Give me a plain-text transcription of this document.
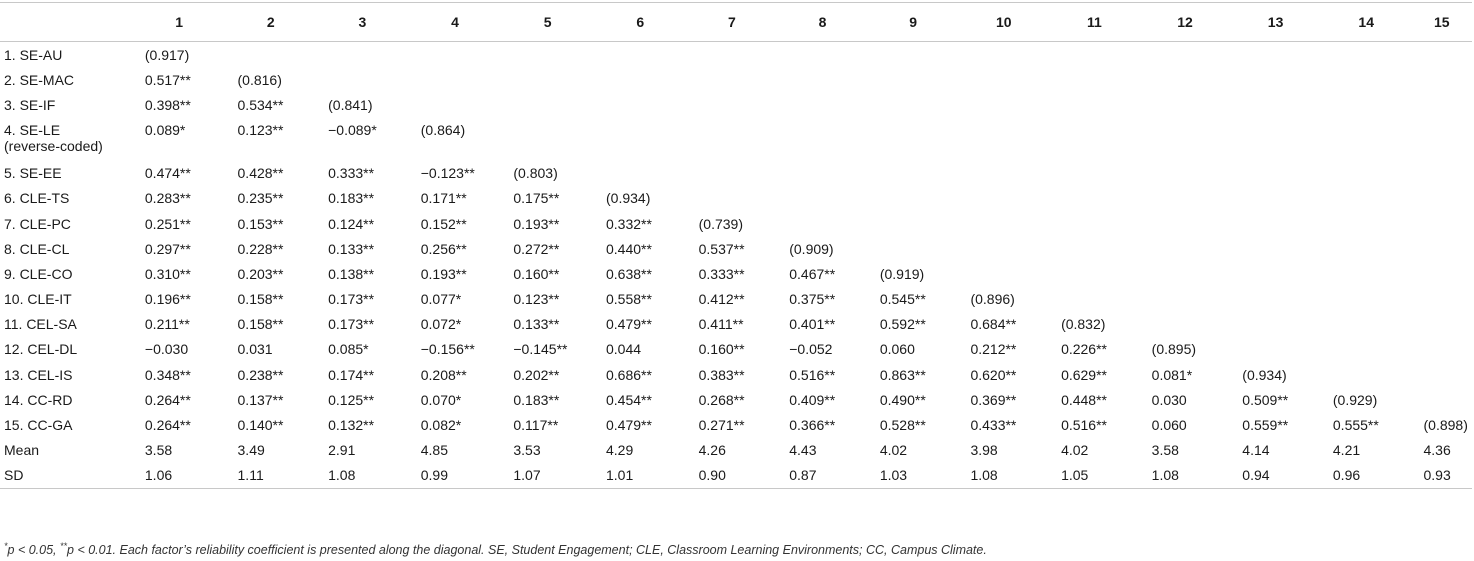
	1	2	3	4	5	6	7	8	9	10	11	12	13	14	15
1. SE-AU	(0.917)														
2. SE-MAC	0.517**	(0.816)													
3. SE-IF	0.398**	0.534**	(0.841)												
4. SE-LE
(reverse-coded)	0.089*	0.123**	−0.089*	(0.864)											
5. SE-EE	0.474**	0.428**	0.333**	−0.123**	(0.803)										
6. CLE-TS	0.283**	0.235**	0.183**	0.171**	0.175**	(0.934)									
7. CLE-PC	0.251**	0.153**	0.124**	0.152**	0.193**	0.332**	(0.739)								
8. CLE-CL	0.297**	0.228**	0.133**	0.256**	0.272**	0.440**	0.537**	(0.909)							
9. CLE-CO	0.310**	0.203**	0.138**	0.193**	0.160**	0.638**	0.333**	0.467**	(0.919)						
10. CLE-IT	0.196**	0.158**	0.173**	0.077*	0.123**	0.558**	0.412**	0.375**	0.545**	(0.896)					
11. CEL-SA	0.211**	0.158**	0.173**	0.072*	0.133**	0.479**	0.411**	0.401**	0.592**	0.684**	(0.832)				
12. CEL-DL	−0.030	0.031	0.085*	−0.156**	−0.145**	0.044	0.160**	−0.052	0.060	0.212**	0.226**	(0.895)			
13. CEL-IS	0.348**	0.238**	0.174**	0.208**	0.202**	0.686**	0.383**	0.516**	0.863**	0.620**	0.629**	0.081*	(0.934)		
14. CC-RD	0.264**	0.137**	0.125**	0.070*	0.183**	0.454**	0.268**	0.409**	0.490**	0.369**	0.448**	0.030	0.509**	(0.929)	
15. CC-GA	0.264**	0.140**	0.132**	0.082*	0.117**	0.479**	0.271**	0.366**	0.528**	0.433**	0.516**	0.060	0.559**	0.555**	(0.898)
Mean	3.58	3.49	2.91	4.85	3.53	4.29	4.26	4.43	4.02	3.98	4.02	3.58	4.14	4.21	4.36
SD	1.06	1.11	1.08	0.99	1.07	1.01	0.90	0.87	1.03	1.08	1.05	1.08	0.94	0.96	0.93
*p < 0.05, **p < 0.01. Each factor’s reliability coefficient is presented along the diagonal. SE, Student Engagement; CLE, Classroom Learning Environments; CC, Campus Climate.
